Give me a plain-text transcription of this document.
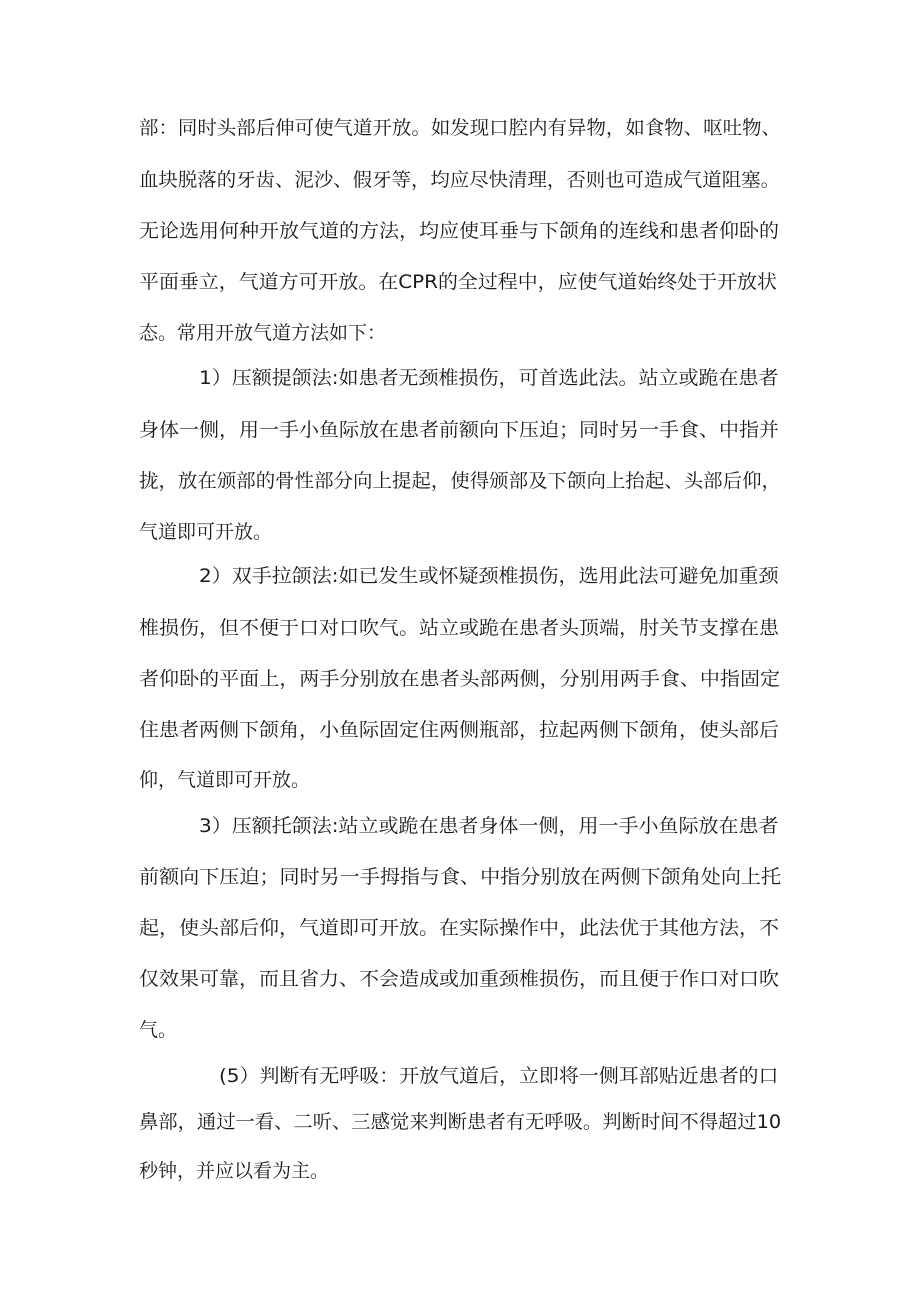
部：同时头部后伸可使气道开放。如发现口腔内有异物，如食物、呕吐物、
血块脱落的牙齿、泥沙、假牙等，均应尽快清理，否则也可造成气道阻塞。
无论选用何种开放气道的方法，均应使耳垂与下颌角的连线和患者仰卧的
平面垂立，气道方可开放。在CPR的全过程中，应使气道始终处于开放状
态。常用开放气道方法如下：
1）压额提颌法:如患者无颈椎损伤，可首选此法。站立或跪在患者
身体一侧，用一手小鱼际放在患者前额向下压迫；同时另一手食、中指并
拢，放在颁部的骨性部分向上提起，使得颁部及下颌向上抬起、头部后仰，
气道即可开放。
2）双手拉颌法:如已发生或怀疑颈椎损伤，选用此法可避免加重颈
椎损伤，但不便于口对口吹气。站立或跪在患者头顶端，肘关节支撑在患
者仰卧的平面上，两手分别放在患者头部两侧，分别用两手食、中指固定
住患者两侧下颌角，小鱼际固定住两侧瓶部，拉起两侧下颌角，使头部后
仰，气道即可开放。
3）压额托颌法:站立或跪在患者身体一侧，用一手小鱼际放在患者
前额向下压迫；同时另一手拇指与食、中指分别放在两侧下颌角处向上托
起，使头部后仰，气道即可开放。在实际操作中，此法优于其他方法，不
仅效果可靠，而且省力、不会造成或加重颈椎损伤，而且便于作口对口吹
气。
(5）判断有无呼吸：开放气道后，立即将一侧耳部贴近患者的口
鼻部，通过一看、二听、三感觉来判断患者有无呼吸。判断时间不得超过10
秒钟，并应以看为主。
